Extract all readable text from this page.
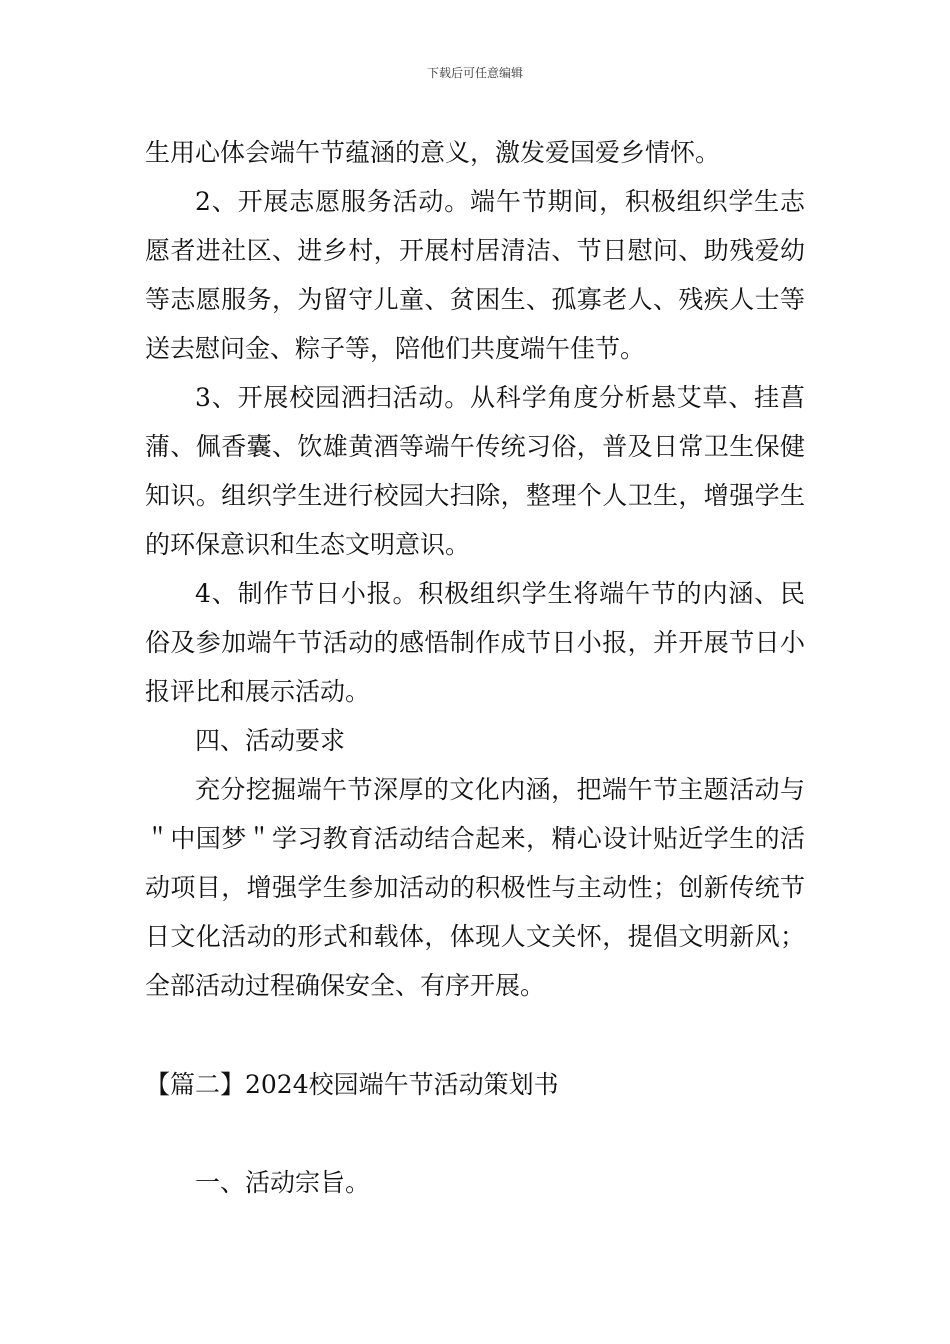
下载后可任意编辑

生用心体会端午节蕴涵的意义，激发爱国爱乡情怀。

2、开展志愿服务活动。端午节期间，积极组织学生志愿者进社区、进乡村，开展村居清洁、节日慰问、助残爱幼等志愿服务，为留守儿童、贫困生、孤寡老人、残疾人士等送去慰问金、粽子等，陪他们共度端午佳节。

3、开展校园洒扫活动。从科学角度分析悬艾草、挂菖蒲、佩香囊、饮雄黄酒等端午传统习俗，普及日常卫生保健知识。组织学生进行校园大扫除，整理个人卫生，增强学生的环保意识和生态文明意识。

4、制作节日小报。积极组织学生将端午节的内涵、民俗及参加端午节活动的感悟制作成节日小报，并开展节日小报评比和展示活动。

四、活动要求

充分挖掘端午节深厚的文化内涵，把端午节主题活动与＂中国梦＂学习教育活动结合起来，精心设计贴近学生的活动项目，增强学生参加活动的积极性与主动性；创新传统节日文化活动的形式和载体，体现人文关怀，提倡文明新风；全部活动过程确保安全、有序开展。

【篇二】2024校园端午节活动策划书

一、活动宗旨。
